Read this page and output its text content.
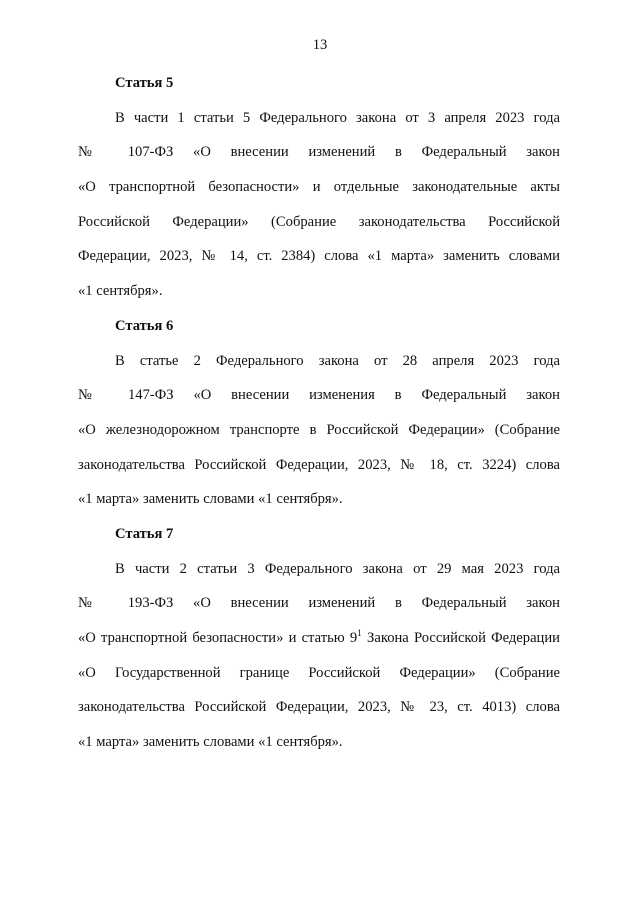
13
Статья 5
В части 1 статьи 5 Федерального закона от 3 апреля 2023 года
№ 107-ФЗ «О внесении изменений в Федеральный закон
«О транспортной безопасности» и отдельные законодательные акты
Российской Федерации» (Собрание законодательства Российской
Федерации, 2023, № 14, ст. 2384) слова «1 марта» заменить словами
«1 сентября».
Статья 6
В статье 2 Федерального закона от 28 апреля 2023 года
№ 147-ФЗ «О внесении изменения в Федеральный закон
«О железнодорожном транспорте в Российской Федерации» (Собрание
законодательства Российской Федерации, 2023, № 18, ст. 3224) слова
«1 марта» заменить словами «1 сентября».
Статья 7
В части 2 статьи 3 Федерального закона от 29 мая 2023 года
№ 193-ФЗ «О внесении изменений в Федеральный закон
«О транспортной безопасности» и статью $9^1$ Закона Российской Федерации
«О Государственной границе Российской Федерации» (Собрание
законодательства Российской Федерации, 2023, № 23, ст. 4013) слова
«1 марта» заменить словами «1 сентября».
